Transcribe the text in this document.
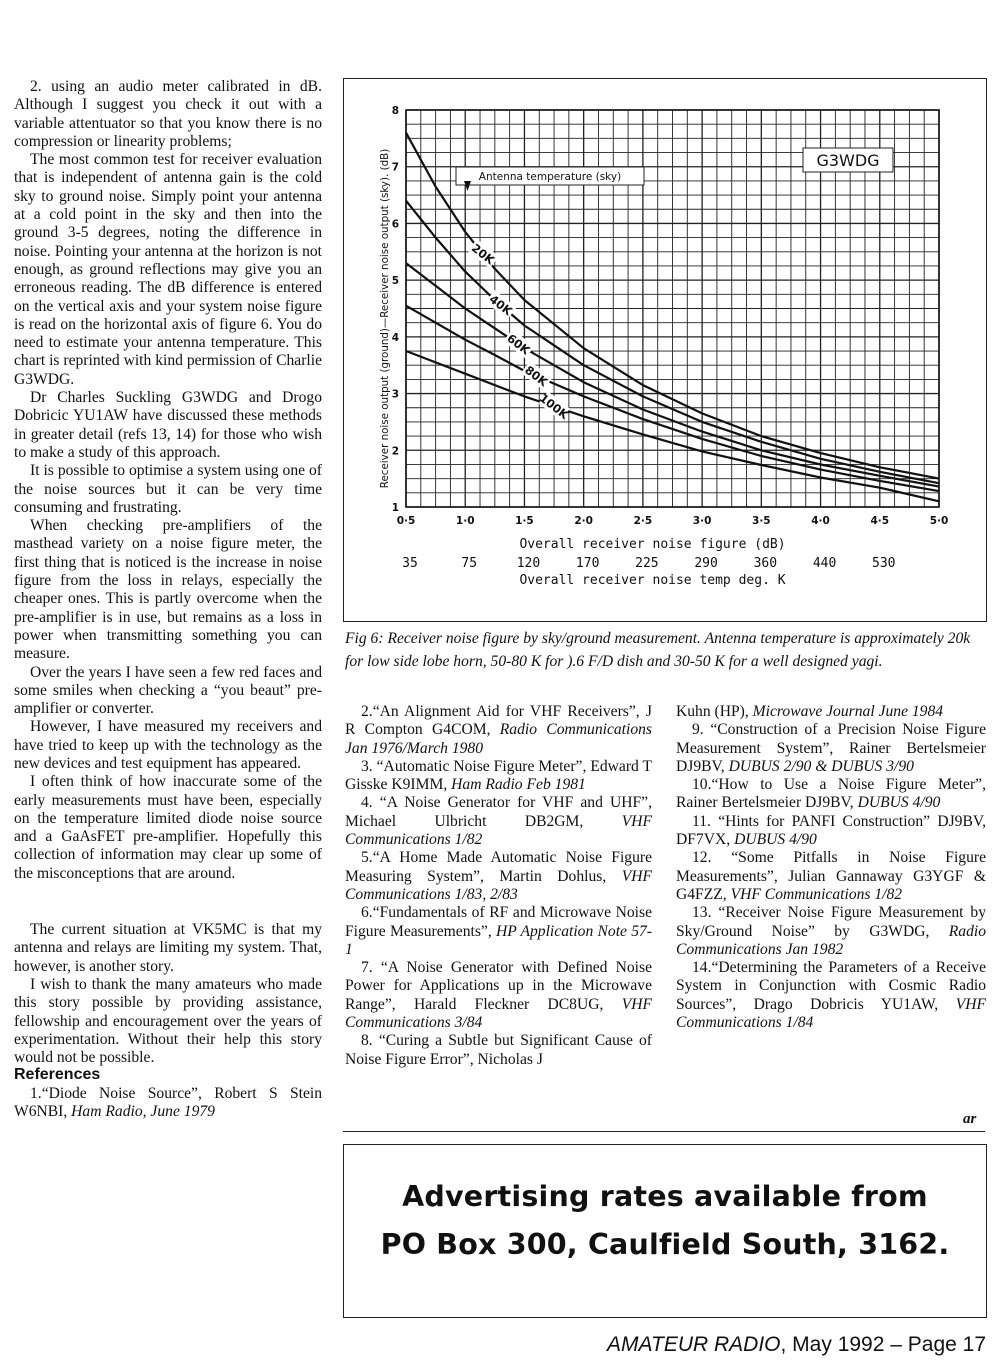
2. using an audio meter calibrated in dB. Although I suggest you check it out with a variable attentuator so that you know there is no compression or linearity problems;

The most common test for receiver evaluation that is independent of antenna gain is the cold sky to ground noise. Simply point your antenna at a cold point in the sky and then into the ground 3-5 degrees, noting the difference in noise. Pointing your antenna at the horizon is not enough, as ground reflections may give you an erroneous reading. The dB difference is entered on the vertical axis and your system noise figure is read on the horizontal axis of figure 6. You do need to estimate your antenna temperature. This chart is reprinted with kind permission of Charlie G3WDG.

Dr Charles Suckling G3WDG and Drogo Dobricic YU1AW have discussed these methods in greater detail (refs 13, 14) for those who wish to make a study of this approach.

It is possible to optimise a system using one of the noise sources but it can be very time consuming and frustrating.

When checking pre-amplifiers of the masthead variety on a noise figure meter, the first thing that is noticed is the increase in noise figure from the loss in relays, especially the cheaper ones. This is partly overcome when the pre-amplifier is in use, but remains as a loss in power when transmitting something you can measure.

Over the years I have seen a few red faces and some smiles when checking a “you beaut” pre-amplifier or converter.

However, I have measured my receivers and have tried to keep up with the technology as the new devices and test equipment has appeared.

I often think of how inaccurate some of the early measurements must have been, especially on the temperature limited diode noise source and a GaAsFET pre-amplifier. Hopefully this collection of information may clear up some of the misconceptions that are around.

The current situation at VK5MC is that my antenna and relays are limiting my system. That, however, is another story.

I wish to thank the many amateurs who made this story possible by providing assistance, fellowship and encouragement over the years of experimentation. Without their help this story would not be possible.

References

1.“Diode Noise Source”, Robert S Stein W6NBI, Ham Radio, June 1979

G3WDG
Antenna temperature (sky)
20K
40K
60K
80K
100K
1
2
3
4
5
6
7
8
0·5	1·0	1·5	2·0	2·5	3·0	3·5	4·0	4·5	5·0
Overall receiver noise figure (dB)
35	75	120	170	225	290	360	440	530
Overall receiver noise temp deg. K
Receiver noise output (ground)—Receiver noise output (sky). (dB)
Fig 6: Receiver noise figure by sky/ground measurement. Antenna temperature is approximately 20k for low side lobe horn, 50-80 K for ).6 F/D dish and 30-50 K for a well designed yagi.

2.“An Alignment Aid for VHF Receivers”, J R Compton G4COM, Radio Communications Jan 1976/March 1980

3. “Automatic Noise Figure Meter”, Edward T Gisske K9IMM, Ham Radio Feb 1981

4. “A Noise Generator for VHF and UHF”, Michael Ulbricht DB2GM, VHF Communications 1/82

5.“A Home Made Automatic Noise Figure Measuring System”, Martin Dohlus, VHF Communications 1/83, 2/83

6.“Fundamentals of RF and Microwave Noise Figure Measurements”, HP Application Note 57-1

7. “A Noise Generator with Defined Noise Power for Applications up in the Microwave Range”, Harald Fleckner DC8UG, VHF Communications 3/84

8. “Curing a Subtle but Significant Cause of Noise Figure Error”, Nicholas J

Kuhn (HP), Microwave Journal June 1984

9. “Construction of a Precision Noise Figure Measurement System”, Rainer Bertelsmeier DJ9BV, DUBUS 2/90 & DUBUS 3/90

10.“How to Use a Noise Figure Meter”, Rainer Bertelsmeier DJ9BV, DUBUS 4/90

11. “Hints for PANFI Construction” DJ9BV, DF7VX, DUBUS 4/90

12. “Some Pitfalls in Noise Figure Measurements”, Julian Gannaway G3YGF & G4FZZ, VHF Communications 1/82

13. “Receiver Noise Figure Measurement by Sky/Ground Noise” by G3WDG, Radio Communications Jan 1982

14.“Determining the Parameters of a Receive System in Conjunction with Cosmic Radio Sources”, Drago Dobricis YU1AW, VHF Communications 1/84

ar
Advertising rates available from
PO Box 300, Caulfield South, 3162.
AMATEUR RADIO, May 1992 – Page 17
